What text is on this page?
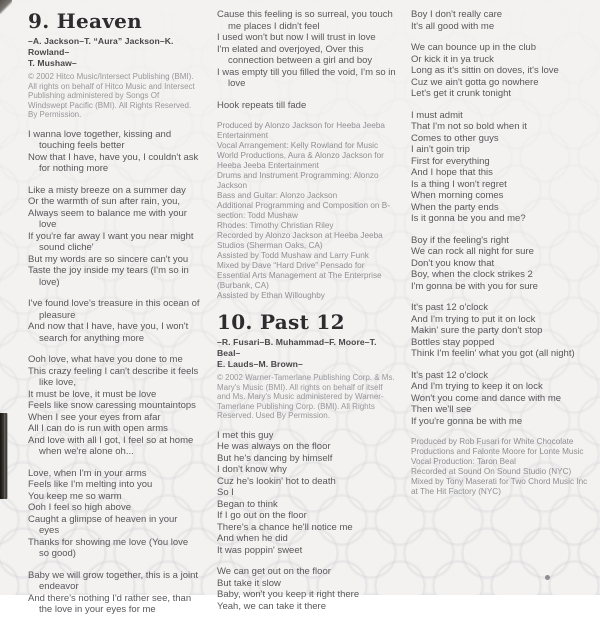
9. Heaven

–A. Jackson–T. “Aura” Jackson–K. Rowland–

T. Mushaw–

© 2002 Hitco Music/Intersect Publishing (BMI). All rights on behalf of Hitco Music and Intersect Publishing administered by Songs Of Windswept Pacific (BMI). All Rights Reserved. By Permission.

I wanna love together, kissing and touching feels better

Now that I have, have you, I couldn't ask for nothing more

Like a misty breeze on a summer day

Or the warmth of sun after rain, you,

Always seem to balance me with your love

If you're far away I want you near might sound cliche'

But my words are so sincere can't you

Taste the joy inside my tears (I'm so in love)

I've found love's treasure in this ocean of pleasure

And now that I have, have you, I won't search for anything more

Ooh love, what have you done to me

This crazy feeling I can't describe it feels like love,

It must be love, it must be love

Feels like snow caressing mountaintops

When I see your eyes from afar

All I can do is run with open arms

And love with all I got, I feel so at home when we're alone oh...

Love, when I'm in your arms

Feels like I'm melting into you

You keep me so warm

Ooh I feel so high above

Caught a glimpse of heaven in your eyes

Thanks for showing me love (You love so good)

Baby we will grow together, this is a joint endeavor

And there's nothing I'd rather see, than the love in your eyes for me

Cause this feeling is so surreal, you touch me places I didn't feel

I used won't but now I will trust in love

I'm elated and overjoyed, Over this connection between a girl and boy

I was empty till you filled the void, I'm so in love

Hook repeats till fade

Produced by Alonzo Jackson for Heeba Jeeba Entertainment

Vocal Arrangement: Kelly Rowland for Music World Productions, Aura & Alonzo Jackson for Heeba Jeeba Entertainment

Drums and Instrument Programming: Alonzo Jackson

Bass and Guitar: Alonzo Jackson

Additional Programming and Composition on B-section: Todd Mushaw

Rhodes: Timothy Christian Riley

Recorded by Alonzo Jackson at Heeba Jeeba Studios (Sherman Oaks, CA)

Assisted by Todd Mushaw and Larry Funk

Mixed by Dave “Hard Drive” Pensado for Essential Arts Management at The Enterprise (Burbank, CA)

Assisted by Ethan Willoughby

10. Past 12

–R. Fusari–B. Muhammad–F. Moore–T. Beal–

E. Lauds–M. Brown–

© 2002 Warner-Tamerlane Publishing Corp. & Ms. Mary's Music (BMI). All rights on behalf of itself and Ms. Mary's Music administered by Warner-Tamerlane Publishing Corp. (BMI). All Rights Reserved. Used By Permission.

I met this guy

He was always on the floor

But he's dancing by himself

I don't know why

Cuz he's lookin' hot to death

So I

Began to think

If I go out on the floor

There's a chance he'll notice me

And when he did

It was poppin' sweet

We can get out on the floor

But take it slow

Baby, won't you keep it right there

Yeah, we can take it there

Boy I don't really care

It's all good with me

We can bounce up in the club

Or kick it in ya truck

Long as it's sittin on doves, it's love

Cuz we ain't gotta go nowhere

Let's get it crunk tonight

I must admit

That I'm not so bold when it

Comes to other guys

I ain't goin trip

First for everything

And I hope that this

Is a thing I won't regret

When morning comes

When the party ends

Is it gonna be you and me?

Boy if the feeling's right

We can rock all night for sure

Don't you know that

Boy, when the clock strikes 2

I'm gonna be with you for sure

It's past 12 o'clock

And I'm trying to put it on lock

Makin' sure the party don't stop

Bottles stay popped

Think I'm feelin' what you got (all night)

It's past 12 o'clock

And I'm trying to keep it on lock

Won't you come and dance with me

Then we'll see

If you're gonna be with me

Produced by Rob Fusari for White Chocolate Productions and Falonte Moore for Lonte Music

Vocal Production: Taron Beal

Recorded at Sound On Sound Studio (NYC)

Mixed by Tony Maserati for Two Chord Music Inc at The Hit Factory (NYC)
